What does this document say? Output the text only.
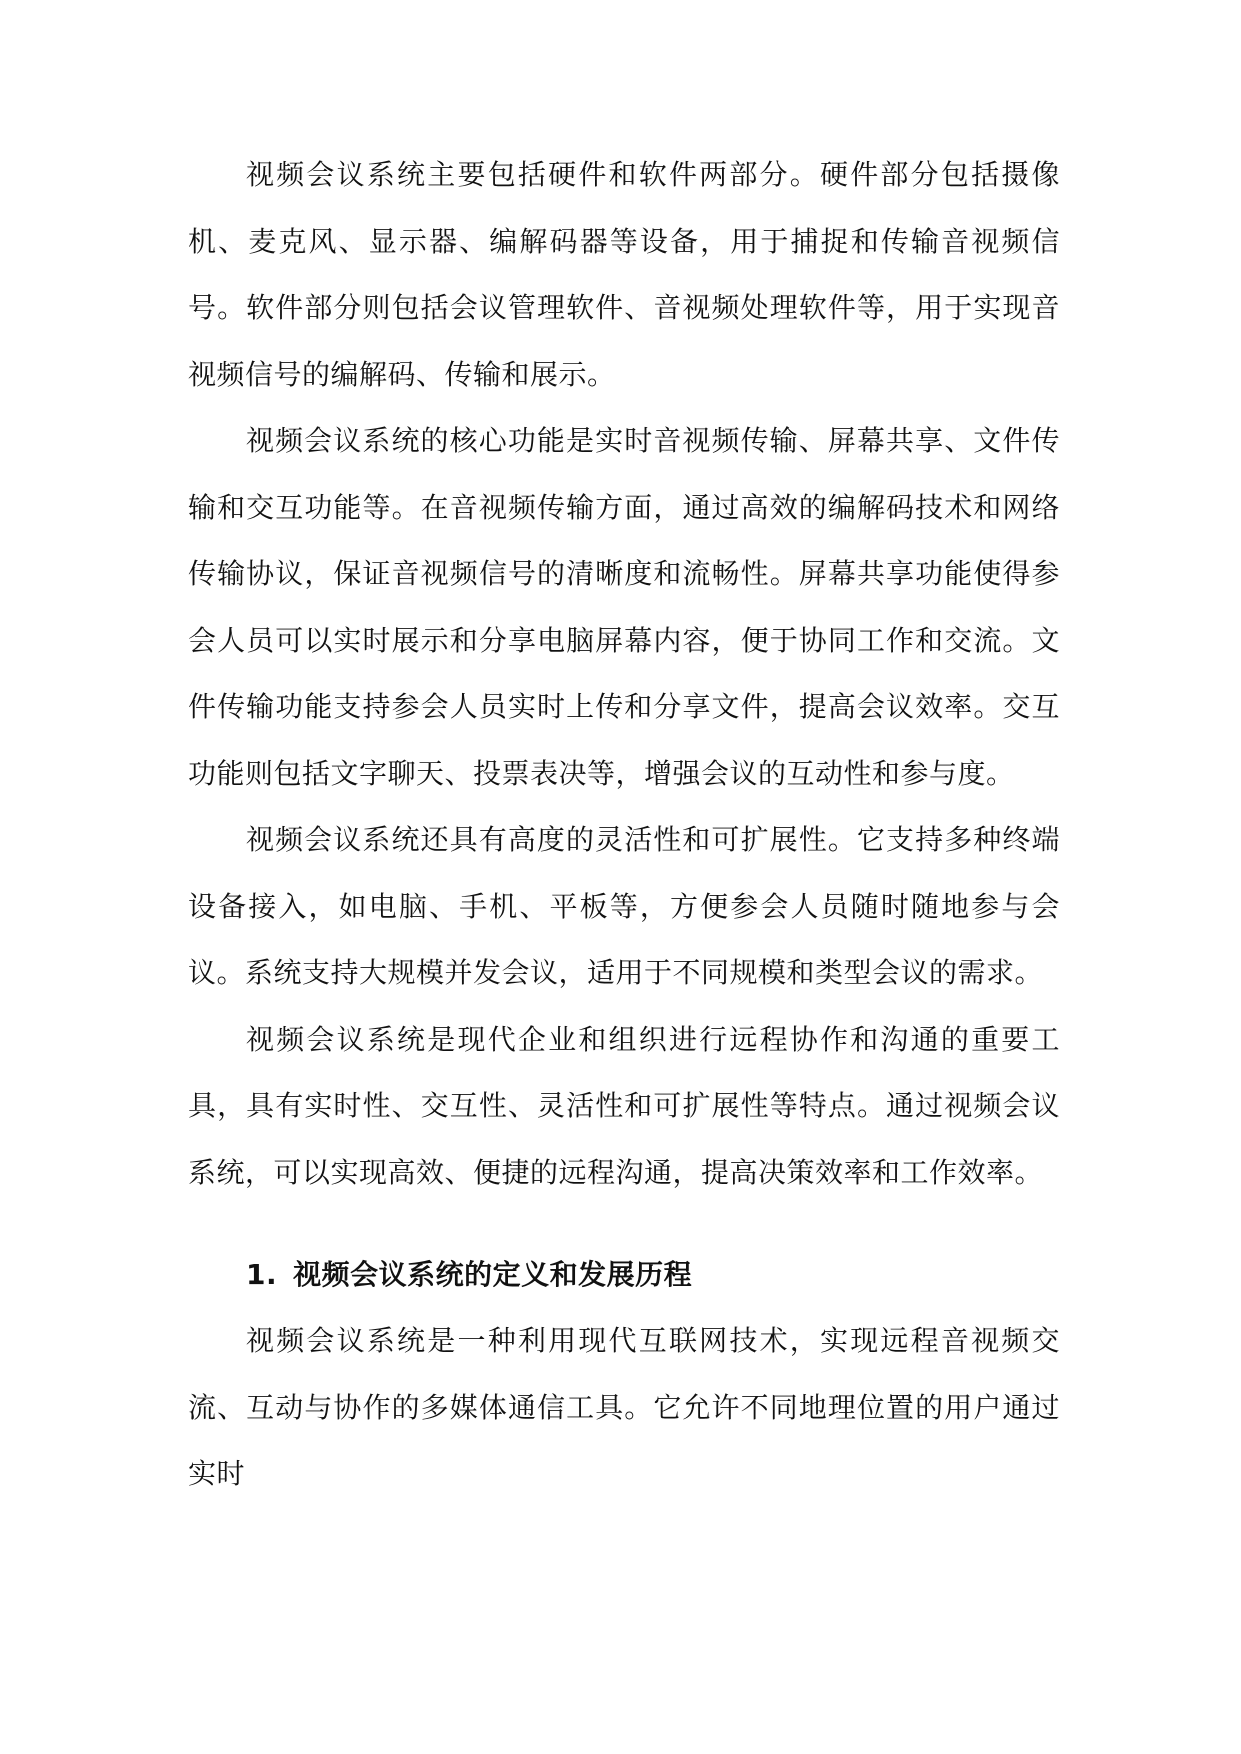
视频会议系统主要包括硬件和软件两部分。硬件部分包括摄像机、麦克风、显示器、编解码器等设备，用于捕捉和传输音视频信号。软件部分则包括会议管理软件、音视频处理软件等，用于实现音视频信号的编解码、传输和展示。

视频会议系统的核心功能是实时音视频传输、屏幕共享、文件传输和交互功能等。在音视频传输方面，通过高效的编解码技术和网络传输协议，保证音视频信号的清晰度和流畅性。屏幕共享功能使得参会人员可以实时展示和分享电脑屏幕内容，便于协同工作和交流。文件传输功能支持参会人员实时上传和分享文件，提高会议效率。交互功能则包括文字聊天、投票表决等，增强会议的互动性和参与度。

视频会议系统还具有高度的灵活性和可扩展性。它支持多种终端设备接入，如电脑、手机、平板等，方便参会人员随时随地参与会议。系统支持大规模并发会议，适用于不同规模和类型会议的需求。

视频会议系统是现代企业和组织进行远程协作和沟通的重要工具，具有实时性、交互性、灵活性和可扩展性等特点。通过视频会议系统，可以实现高效、便捷的远程沟通，提高决策效率和工作效率。

1. 视频会议系统的定义和发展历程

视频会议系统是一种利用现代互联网技术，实现远程音视频交流、互动与协作的多媒体通信工具。它允许不同地理位置的用户通过实时
